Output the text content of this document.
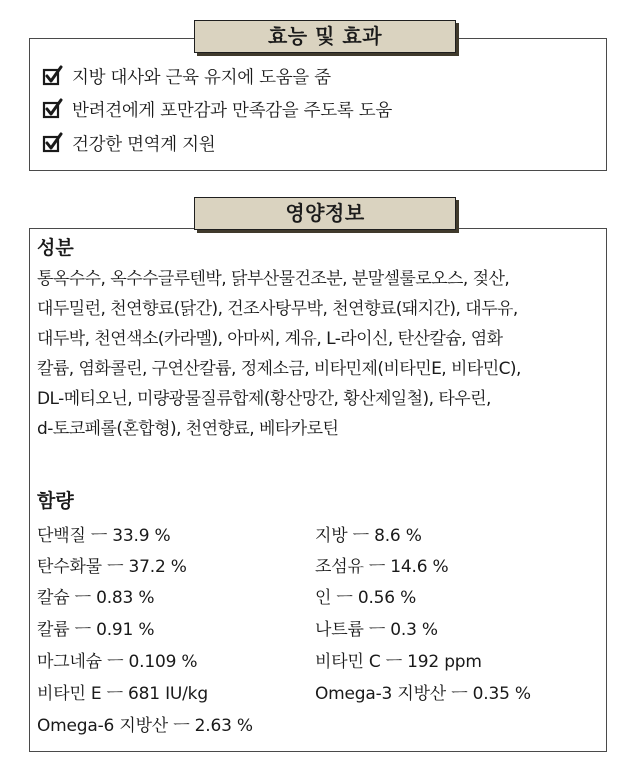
효능 및 효과
지방 대사와 근육 유지에 도움을 줌
반려견에게 포만감과 만족감을 주도록 도움
건강한 면역계 지원
영양정보
성분
통옥수수, 옥수수글루텐박, 닭부산물건조분, 분말셀룰로오스, 젖산,
대두밀런, 천연향료(닭간), 건조사탕무박, 천연향료(돼지간), 대두유,
대두박, 천연색소(카라멜), 아마씨, 계유, L-라이신, 탄산칼슘, 염화
칼륨, 염화콜린, 구연산칼륨, 정제소금, 비타민제(비타민E, 비타민C),
DL-메티오닌, 미량광물질류합제(황산망간, 황산제일철), 타우린,
d-토코페롤(혼합형), 천연향료, 베타카로틴
함량
단백질 ㅡ 33.9 %
탄수화물 ㅡ 37.2 %
칼슘 ㅡ 0.83 %
칼륨 ㅡ 0.91 %
마그네슘 ㅡ 0.109 %
비타민 E ㅡ 681 IU/kg
Omega-6 지방산 ㅡ 2.63 %
지방 ㅡ 8.6 %
조섬유 ㅡ 14.6 %
인 ㅡ 0.56 %
나트륨 ㅡ 0.3 %
비타민 C ㅡ 192 ppm
Omega-3 지방산 ㅡ 0.35 %
